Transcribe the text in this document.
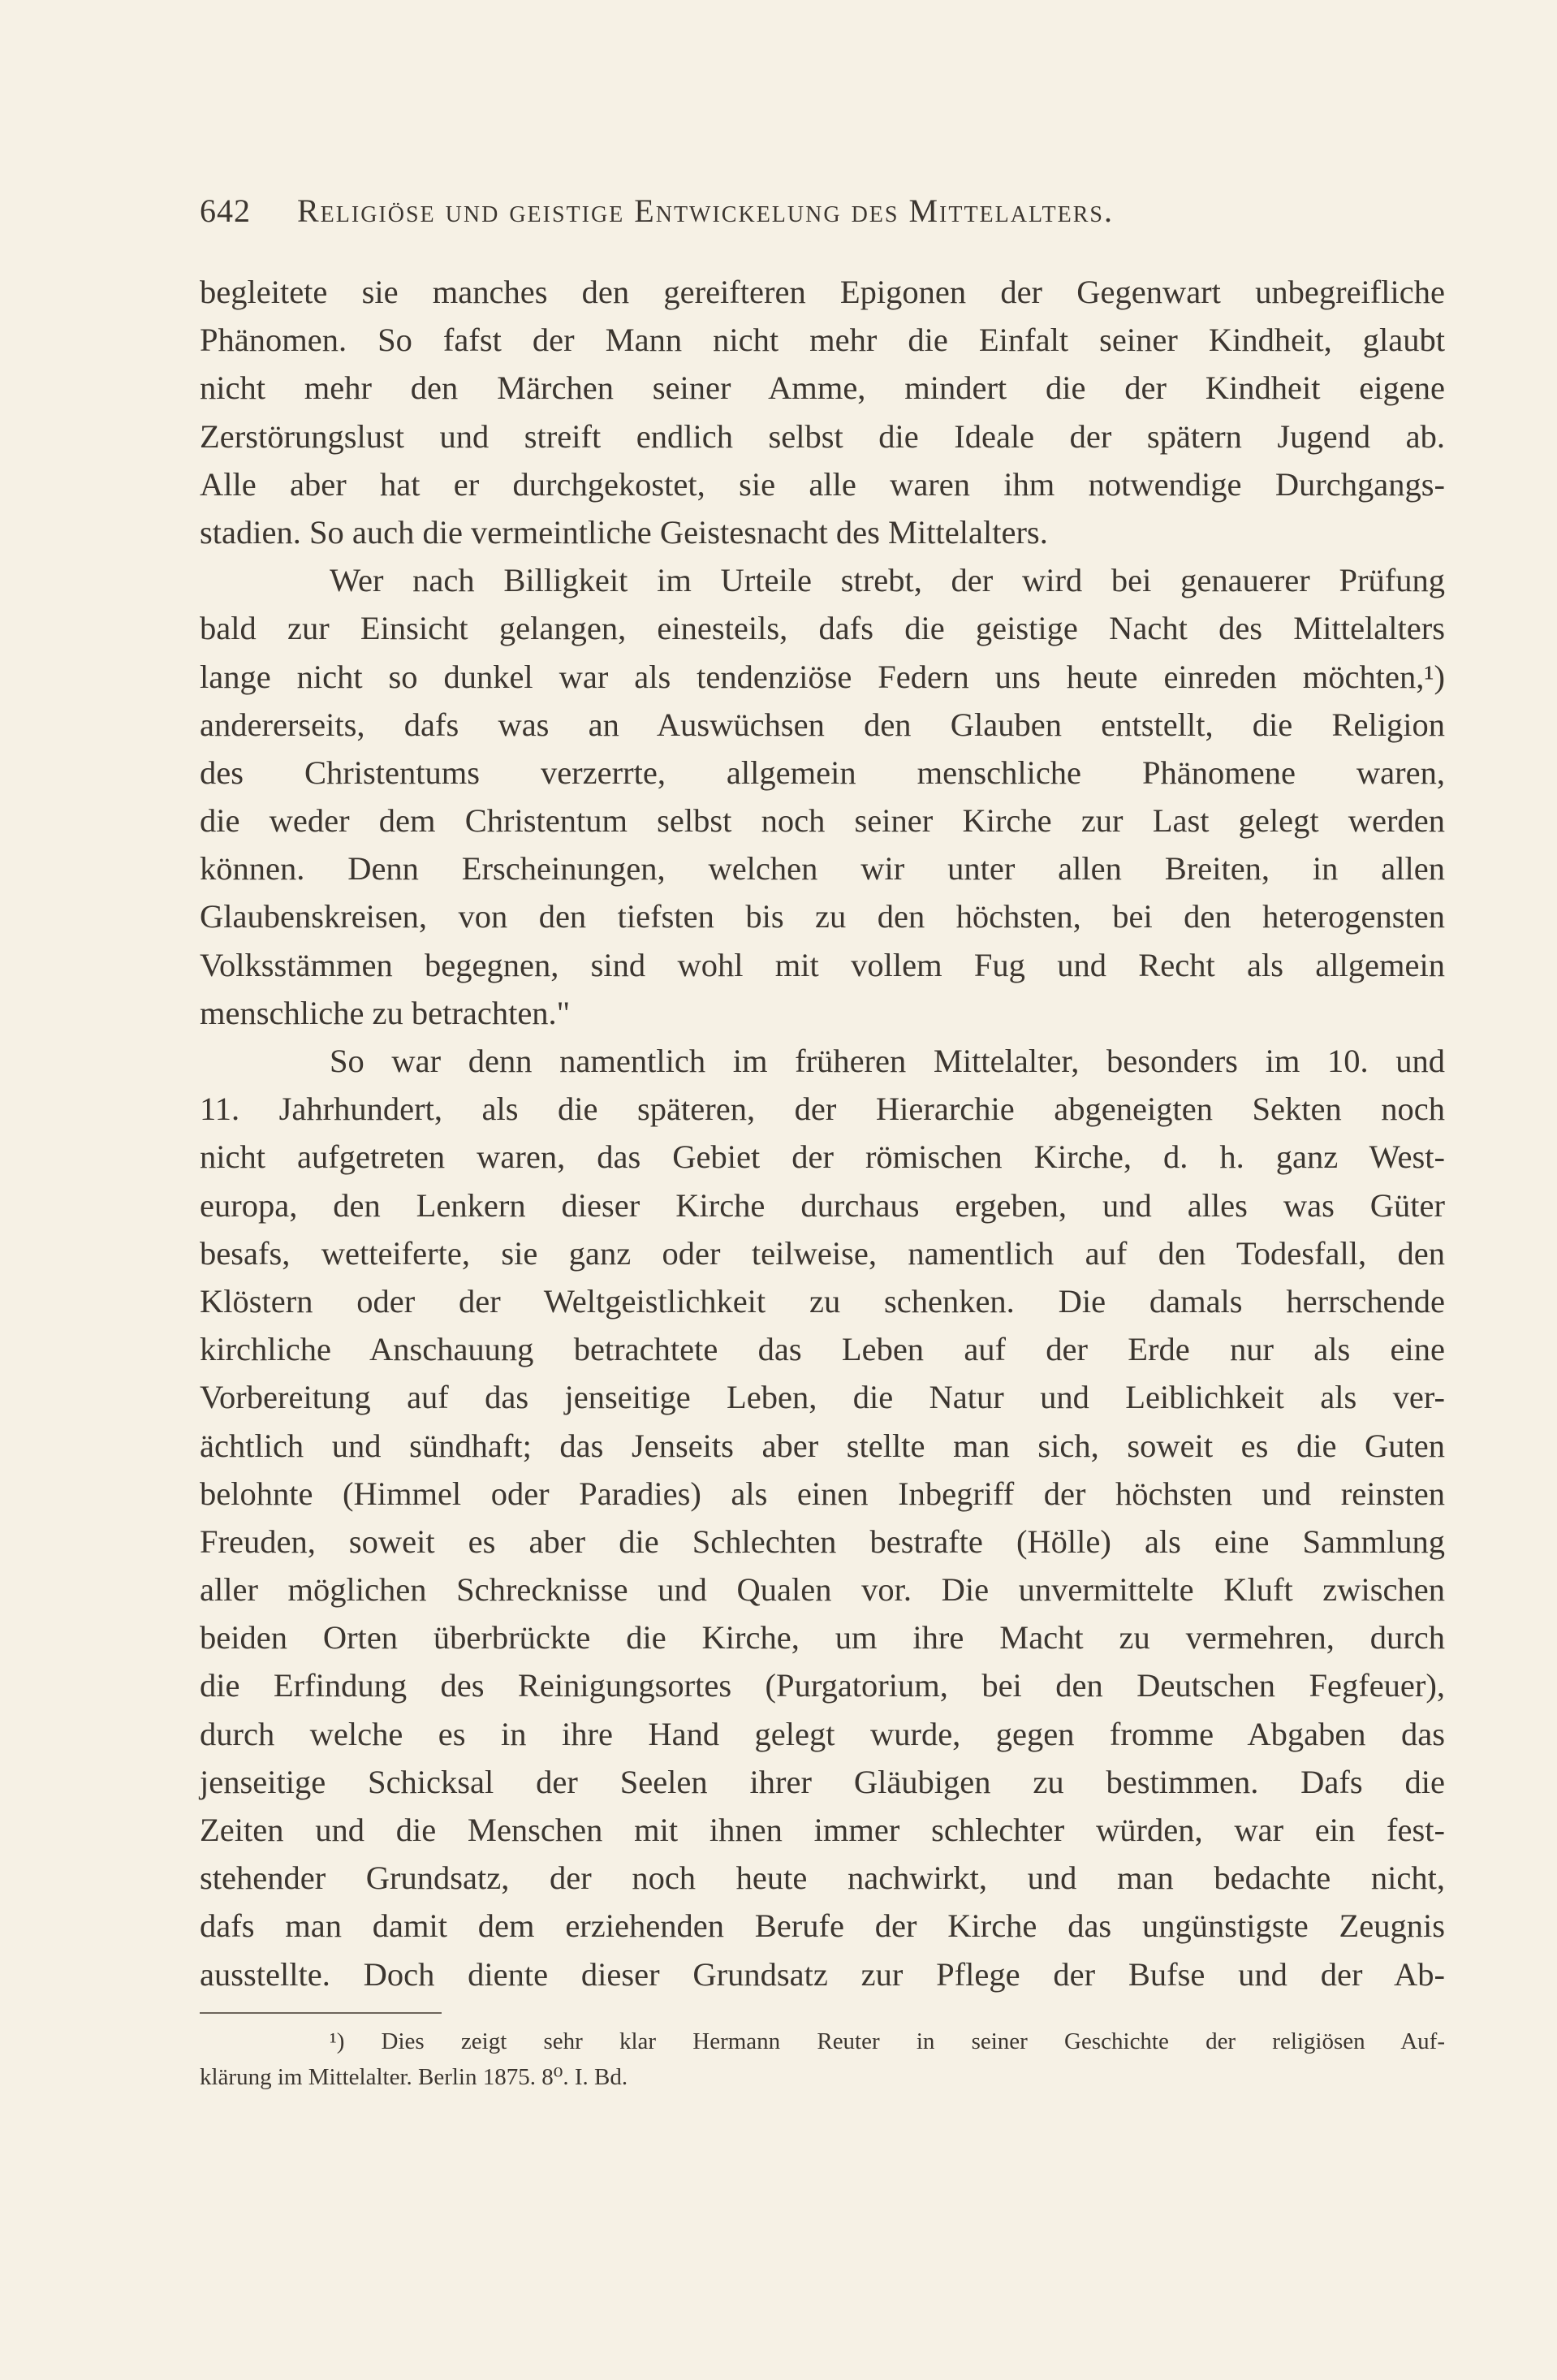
642 Religiöse und geistige Entwickelung des Mittelalters.
begleitete sie manches den gereifteren Epigonen der Gegenwart unbegreifliche
Phänomen. So fafst der Mann nicht mehr die Einfalt seiner Kindheit, glaubt
nicht mehr den Märchen seiner Amme, mindert die der Kindheit eigene
Zerstörungslust und streift endlich selbst die Ideale der spätern Jugend ab.
Alle aber hat er durchgekostet, sie alle waren ihm notwendige Durchgangs-
stadien. So auch die vermeintliche Geistesnacht des Mittelalters.
Wer nach Billigkeit im Urteile strebt, der wird bei genauerer Prüfung
bald zur Einsicht gelangen, einesteils, dafs die geistige Nacht des Mittelalters
lange nicht so dunkel war als tendenziöse Federn uns heute einreden möchten,¹)
andererseits, dafs was an Auswüchsen den Glauben entstellt, die Religion
des Christentums verzerrte, allgemein menschliche Phänomene waren,
die weder dem Christentum selbst noch seiner Kirche zur Last gelegt werden
können. Denn Erscheinungen, welchen wir unter allen Breiten, in allen
Glaubenskreisen, von den tiefsten bis zu den höchsten, bei den heterogensten
Volksstämmen begegnen, sind wohl mit vollem Fug und Recht als allgemein
menschliche zu betrachten."
So war denn namentlich im früheren Mittelalter, besonders im 10. und
11. Jahrhundert, als die späteren, der Hierarchie abgeneigten Sekten noch
nicht aufgetreten waren, das Gebiet der römischen Kirche, d. h. ganz West-
europa, den Lenkern dieser Kirche durchaus ergeben, und alles was Güter
besafs, wetteiferte, sie ganz oder teilweise, namentlich auf den Todesfall, den
Klöstern oder der Weltgeistlichkeit zu schenken. Die damals herrschende
kirchliche Anschauung betrachtete das Leben auf der Erde nur als eine
Vorbereitung auf das jenseitige Leben, die Natur und Leiblichkeit als ver-
ächtlich und sündhaft; das Jenseits aber stellte man sich, soweit es die Guten
belohnte (Himmel oder Paradies) als einen Inbegriff der höchsten und reinsten
Freuden, soweit es aber die Schlechten bestrafte (Hölle) als eine Sammlung
aller möglichen Schrecknisse und Qualen vor. Die unvermittelte Kluft zwischen
beiden Orten überbrückte die Kirche, um ihre Macht zu vermehren, durch
die Erfindung des Reinigungsortes (Purgatorium, bei den Deutschen Fegfeuer),
durch welche es in ihre Hand gelegt wurde, gegen fromme Abgaben das
jenseitige Schicksal der Seelen ihrer Gläubigen zu bestimmen. Dafs die
Zeiten und die Menschen mit ihnen immer schlechter würden, war ein fest-
stehender Grundsatz, der noch heute nachwirkt, und man bedachte nicht,
dafs man damit dem erziehenden Berufe der Kirche das ungünstigste Zeugnis
ausstellte. Doch diente dieser Grundsatz zur Pflege der Bufse und der Ab-
¹) Dies zeigt sehr klar Hermann Reuter in seiner Geschichte der religiösen Auf-
klärung im Mittelalter. Berlin 1875. 8⁰. I. Bd.
